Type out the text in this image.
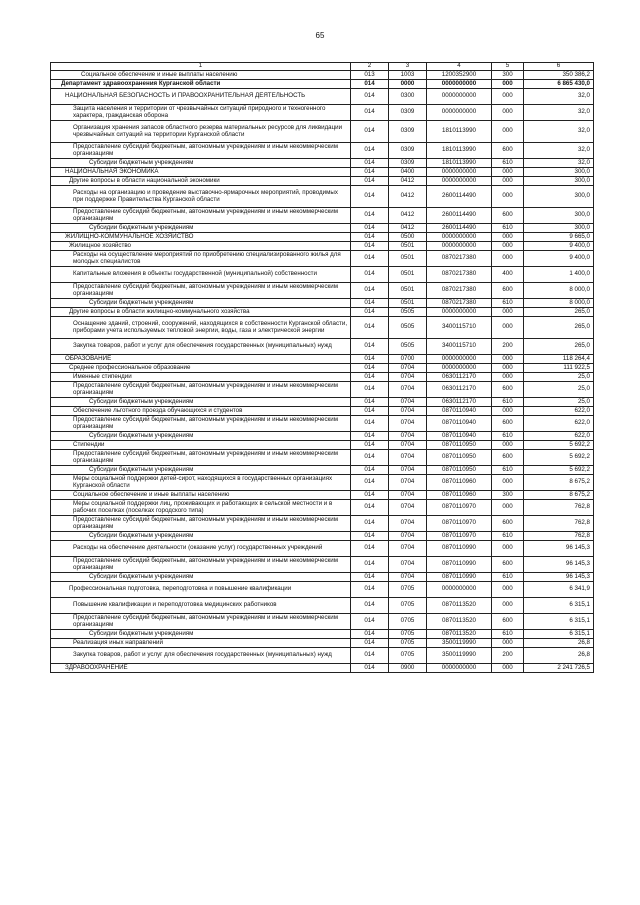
65
1	2	3	4	5	6
Социальное обеспечение и иные выплаты населению	013	1003	1200352900	300	350 386,2
Департамент здравоохранения Курганской области	014	0000	0000000000	000	6 865 430,0
НАЦИОНАЛЬНАЯ БЕЗОПАСНОСТЬ И ПРАВООХРАНИТЕЛЬНАЯ ДЕЯТЕЛЬНОСТЬ	014	0300	0000000000	000	32,0
Защита населения и территории от чрезвычайных ситуаций природного и техногенного характера, гражданская оборона	014	0309	0000000000	000	32,0
Организация хранения запасов областного резерва материальных ресурсов для ликвидации чрезвычайных ситуаций на территории Курганской области	014	0309	1810113990	000	32,0
Предоставление субсидий бюджетным, автономным учреждениям и иным некоммерческим организациям	014	0309	1810113990	600	32,0
Субсидии бюджетным учреждениям	014	0309	1810113990	610	32,0
НАЦИОНАЛЬНАЯ ЭКОНОМИКА	014	0400	0000000000	000	300,0
Другие вопросы в области национальной экономики	014	0412	0000000000	000	300,0
Расходы на организацию и проведение выставочно-ярмарочных мероприятий, проводимых при поддержке Правительства Курганской области	014	0412	2600114490	000	300,0
Предоставление субсидий бюджетным, автономным учреждениям и иным некоммерческим организациям	014	0412	2600114490	600	300,0
Субсидии бюджетным учреждениям	014	0412	2600114490	610	300,0
ЖИЛИЩНО-КОММУНАЛЬНОЕ ХОЗЯЙСТВО	014	0500	0000000000	000	9 665,0
Жилищное хозяйство	014	0501	0000000000	000	9 400,0
Расходы на осуществление мероприятий по приобретению специализированного жилья для молодых специалистов	014	0501	0870217380	000	9 400,0
Капитальные вложения в объекты государственной (муниципальной) собственности	014	0501	0870217380	400	1 400,0
Предоставление субсидий бюджетным, автономным учреждениям и иным некоммерческим организациям	014	0501	0870217380	600	8 000,0
Субсидии бюджетным учреждениям	014	0501	0870217380	610	8 000,0
Другие вопросы в области жилищно-коммунального хозяйства	014	0505	0000000000	000	265,0
Оснащение зданий, строений, сооружений, находящихся в собственности Курганской области, приборами учета используемых тепловой энергии, воды, газа и электрической энергии	014	0505	3400115710	000	265,0
Закупка товаров, работ и услуг для обеспечения государственных (муниципальных) нужд	014	0505	3400115710	200	265,0
ОБРАЗОВАНИЕ	014	0700	0000000000	000	118 264,4
Среднее профессиональное образование	014	0704	0000000000	000	111 922,5
Именные стипендии	014	0704	0630112170	000	25,0
Предоставление субсидий бюджетным, автономным учреждениям и иным некоммерческим организациям	014	0704	0630112170	600	25,0
Субсидии бюджетным учреждениям	014	0704	0630112170	610	25,0
Обеспечение льготного проезда обучающихся и студентов	014	0704	0870110940	000	622,0
Предоставление субсидий бюджетным, автономным учреждениям и иным некоммерческим организациям	014	0704	0870110940	600	622,0
Субсидии бюджетным учреждениям	014	0704	0870110940	610	622,0
Стипендии	014	0704	0870110950	000	5 692,2
Предоставление субсидий бюджетным, автономным учреждениям и иным некоммерческим организациям	014	0704	0870110950	600	5 692,2
Субсидии бюджетным учреждениям	014	0704	0870110950	610	5 692,2
Меры социальной поддержки детей-сирот, находящихся в государственных организациях Курганской области	014	0704	0870110960	000	8 675,2
Социальное обеспечение и иные выплаты населению	014	0704	0870110960	300	8 675,2
Меры социальной поддержки лиц, проживающих и работающих в сельской местности и в рабочих поселках (поселках городского типа)	014	0704	0870110970	000	762,8
Предоставление субсидий бюджетным, автономным учреждениям и иным некоммерческим организациям	014	0704	0870110970	600	762,8
Субсидии бюджетным учреждениям	014	0704	0870110970	610	762,8
Расходы на обеспечение деятельности (оказание услуг) государственных учреждений	014	0704	0870110990	000	96 145,3
Предоставление субсидий бюджетным, автономным учреждениям и иным некоммерческим организациям	014	0704	0870110990	600	96 145,3
Субсидии бюджетным учреждениям	014	0704	0870110990	610	96 145,3
Профессиональная подготовка, переподготовка и повышение квалификации	014	0705	0000000000	000	6 341,9
Повышение квалификации и переподготовка медицинских работников	014	0705	0870113520	000	6 315,1
Предоставление субсидий бюджетным, автономным учреждениям и иным некоммерческим организациям	014	0705	0870113520	600	6 315,1
Субсидии бюджетным учреждениям	014	0705	0870113520	610	6 315,1
Реализация иных направлений	014	0705	3500119990	000	26,8
Закупка товаров, работ и услуг для обеспечения государственных (муниципальных) нужд	014	0705	3500119990	200	26,8
ЗДРАВООХРАНЕНИЕ	014	0900	0000000000	000	2 241 726,5
